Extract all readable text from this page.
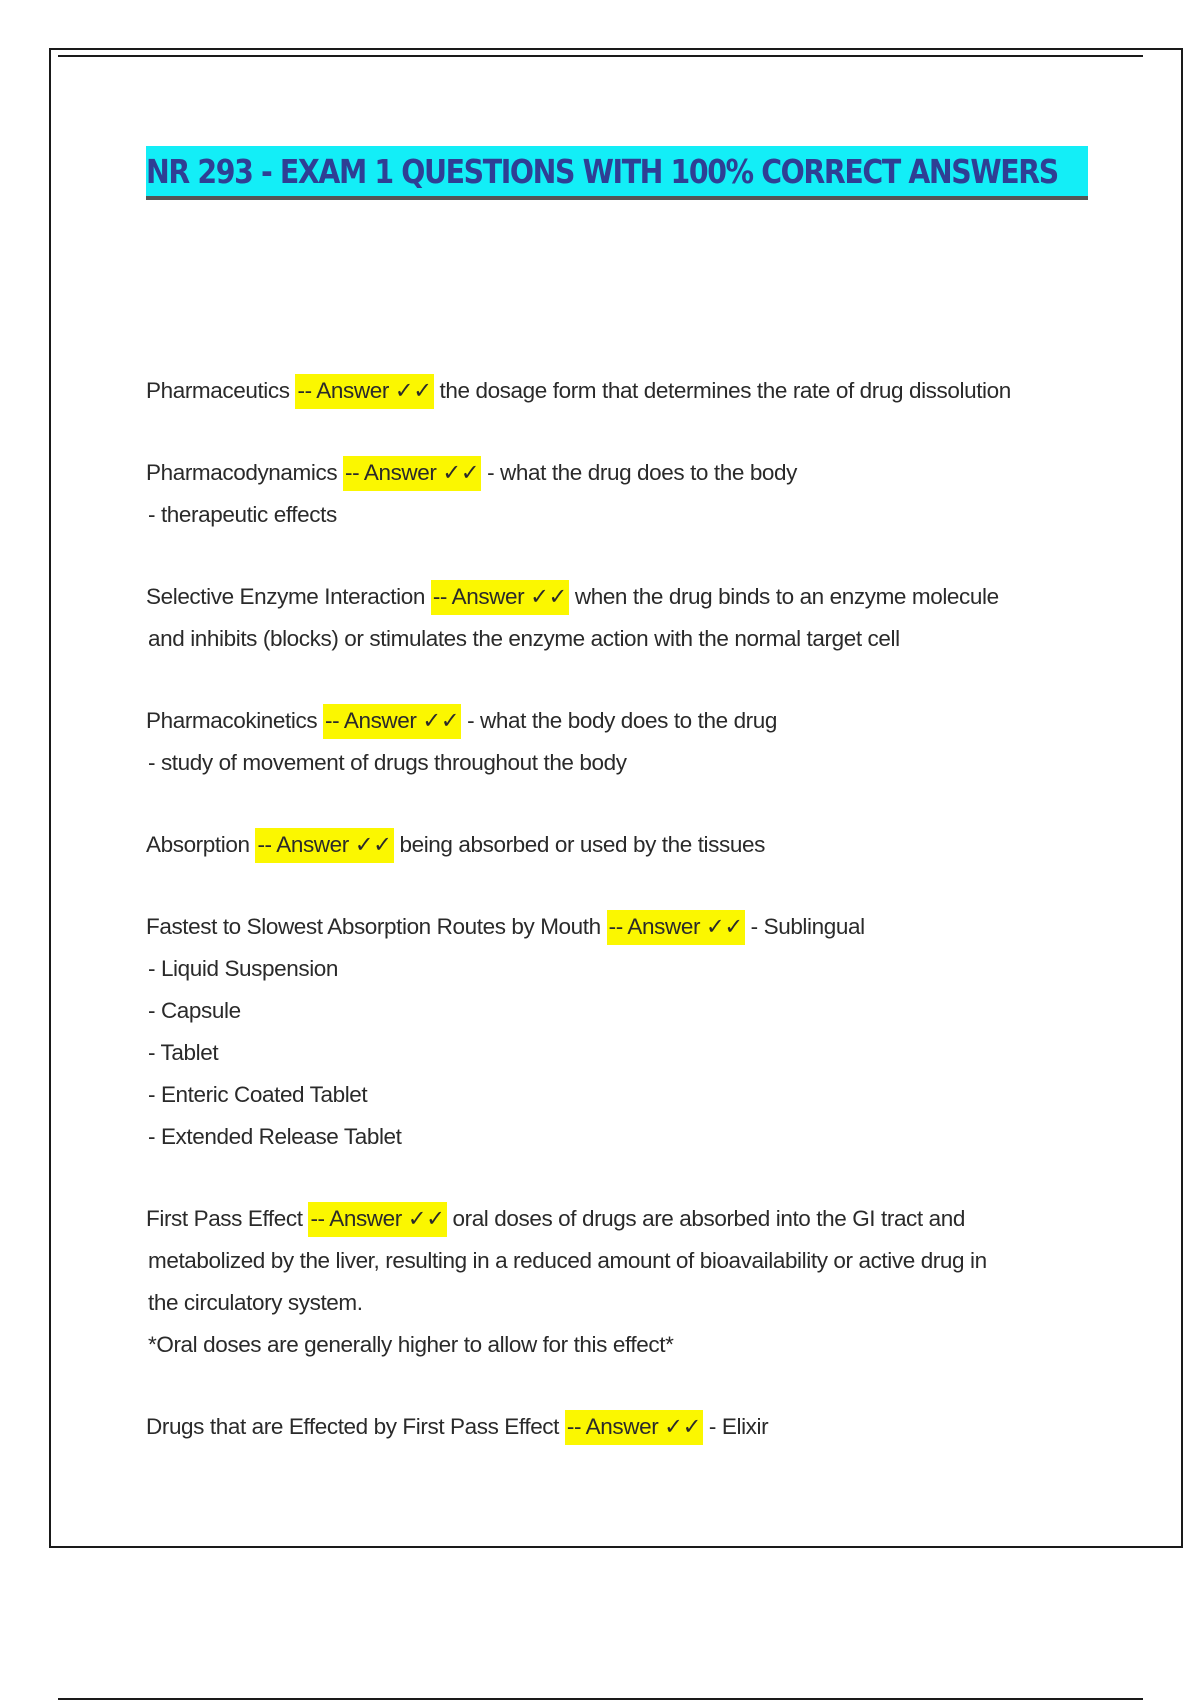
NR 293 - EXAM 1 QUESTIONS WITH 100% CORRECT ANSWERS
Pharmaceutics -- Answer ✓✓ the dosage form that determines the rate of drug dissolution
Pharmacodynamics -- Answer ✓✓ - what the drug does to the body
- therapeutic effects
Selective Enzyme Interaction -- Answer ✓✓ when the drug binds to an enzyme molecule
and inhibits (blocks) or stimulates the enzyme action with the normal target cell
Pharmacokinetics -- Answer ✓✓ - what the body does to the drug
- study of movement of drugs throughout the body
Absorption -- Answer ✓✓ being absorbed or used by the tissues
Fastest to Slowest Absorption Routes by Mouth -- Answer ✓✓ - Sublingual
- Liquid Suspension
- Capsule
- Tablet
- Enteric Coated Tablet
- Extended Release Tablet
First Pass Effect -- Answer ✓✓ oral doses of drugs are absorbed into the GI tract and
metabolized by the liver, resulting in a reduced amount of bioavailability or active drug in
the circulatory system.
*Oral doses are generally higher to allow for this effect*
Drugs that are Effected by First Pass Effect -- Answer ✓✓ - Elixir
